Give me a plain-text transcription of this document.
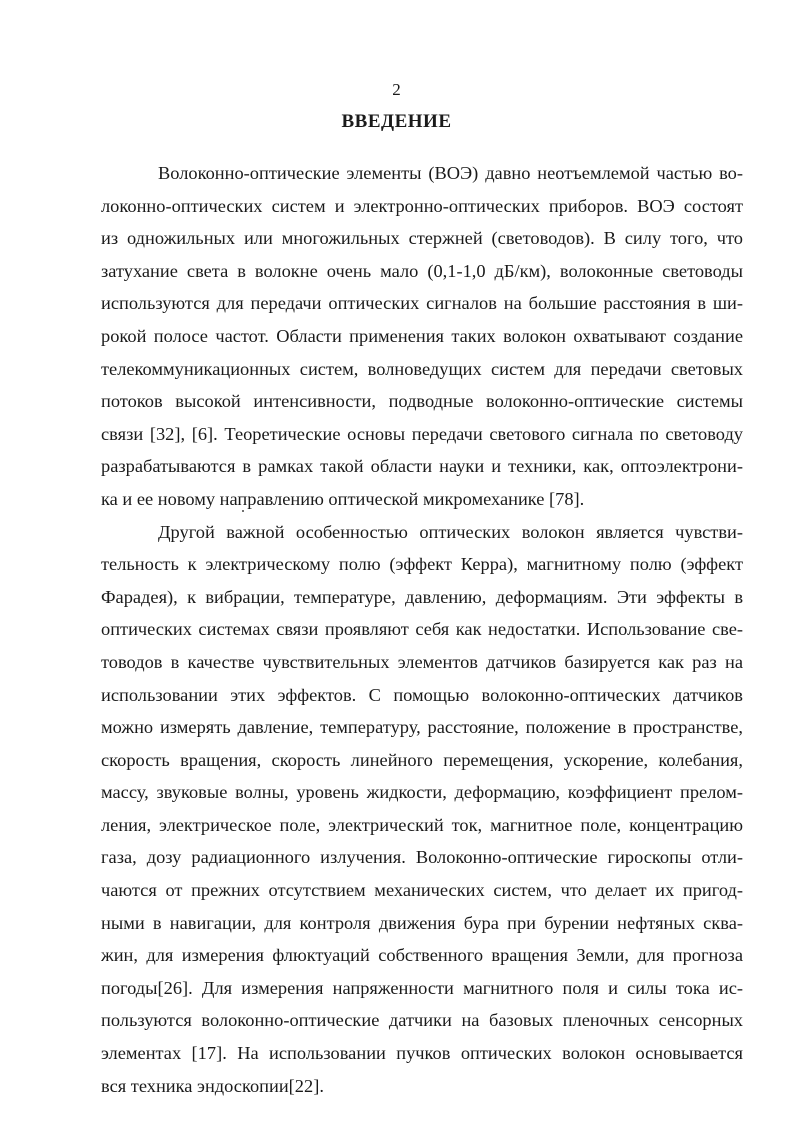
2
ВВЕДЕНИЕ
Волоконно-оптические элементы (ВОЭ) давно неотъемлемой частью во-
локонно-оптических систем и электронно-оптических приборов. ВОЭ состоят
из одножильных или многожильных стержней (световодов). В силу того, что
затухание света в волокне очень мало (0,1-1,0 дБ/км), волоконные световоды
используются для передачи оптических сигналов на большие расстояния в ши-
рокой полосе частот. Области применения таких волокон охватывают создание
телекоммуникационных систем, волноведущих систем для передачи световых
потоков высокой интенсивности, подводные волоконно-оптические системы
связи [32], [6]. Теоретические основы передачи светового сигнала по световоду
разрабатываются в рамках такой области науки и техники, как, оптоэлектрони-
ка и ее новому направлению оптической микромеханике [78].
Другой важной особенностью оптических волокон является чувстви-
тельность к электрическому полю (эффект Керра), магнитному полю (эффект
Фарадея), к вибрации, температуре, давлению, деформациям. Эти эффекты в
оптических системах связи проявляют себя как недостатки. Использование све-
товодов в качестве чувствительных элементов датчиков базируется как раз на
использовании этих эффектов. С помощью волоконно-оптических датчиков
можно измерять давление, температуру, расстояние, положение в пространстве,
скорость вращения, скорость линейного перемещения, ускорение, колебания,
массу, звуковые волны, уровень жидкости, деформацию, коэффициент прелом-
ления, электрическое поле, электрический ток, магнитное поле, концентрацию
газа, дозу радиационного излучения. Волоконно-оптические гироскопы отли-
чаются от прежних отсутствием механических систем, что делает их пригод-
ными в навигации, для контроля движения бура при бурении нефтяных сква-
жин, для измерения флюктуаций собственного вращения Земли, для прогноза
погоды[26]. Для измерения напряженности магнитного поля и силы тока ис-
пользуются волоконно-оптические датчики на базовых пленочных сенсорных
элементах [17]. На использовании пучков оптических волокон основывается
вся техника эндоскопии[22].
